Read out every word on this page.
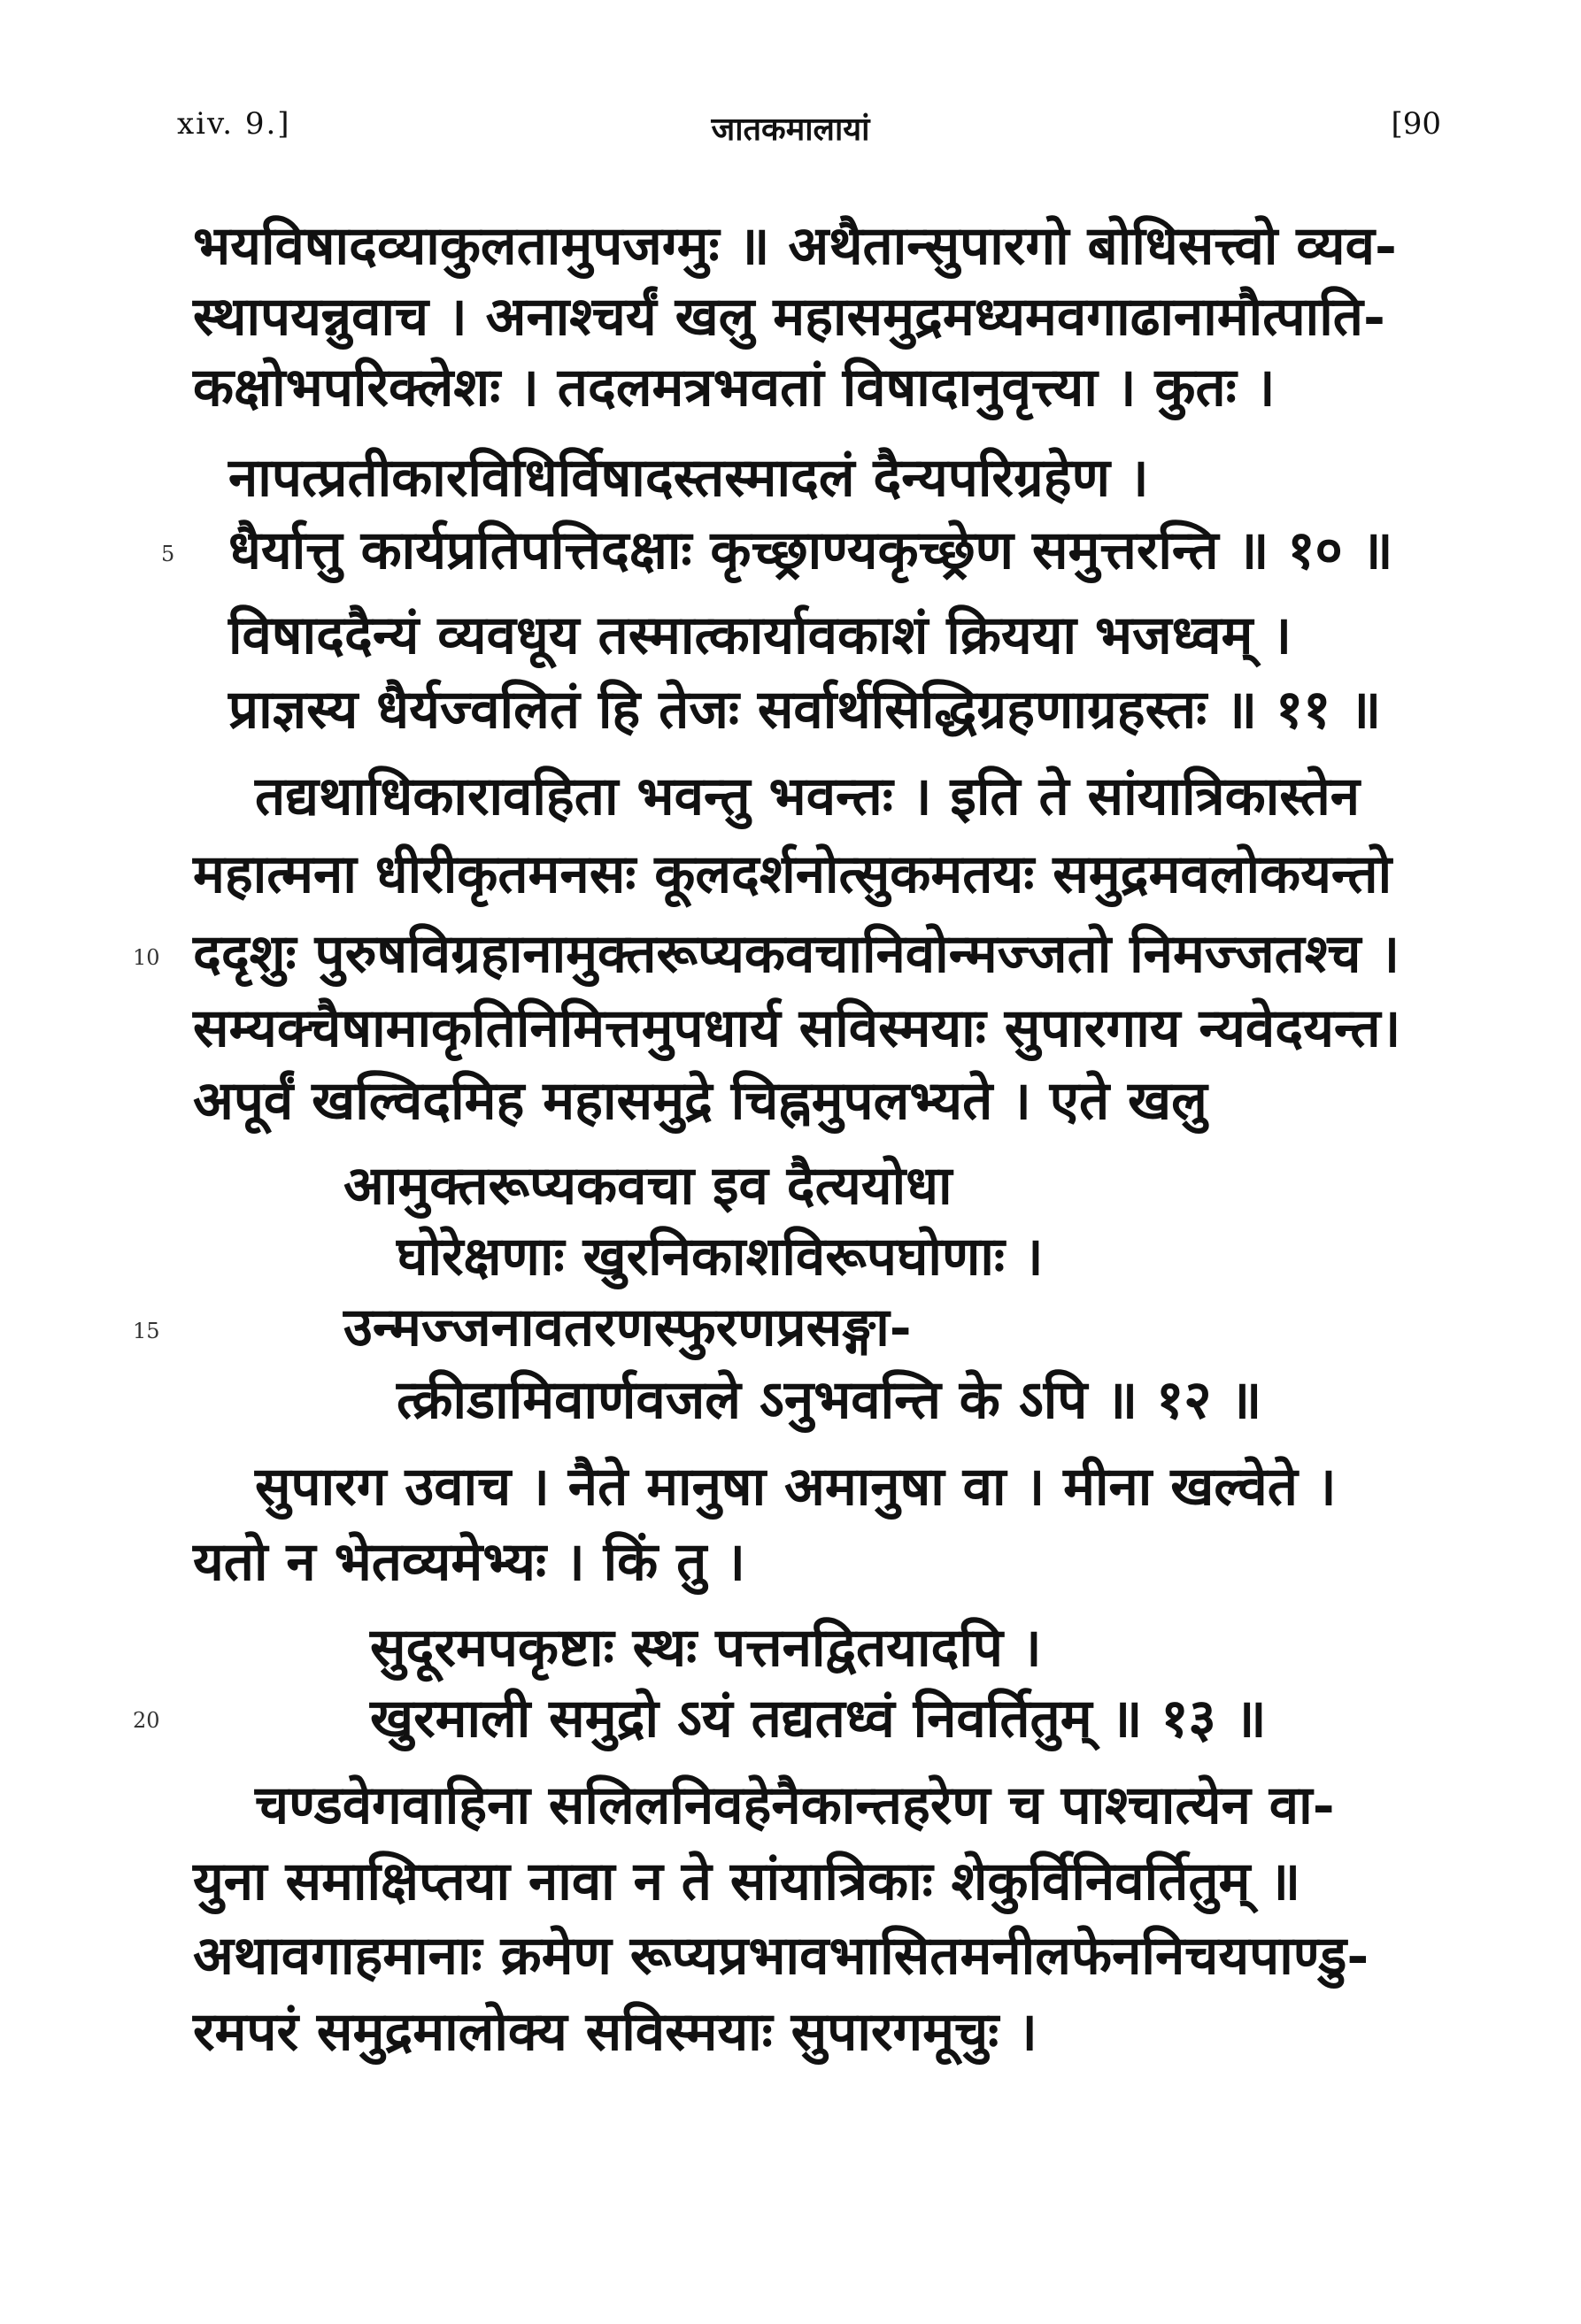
xiv. 9.]	जातकमालायां	[90
भयविषादव्याकुलतामुपजग्मुः ॥ अथैतान्सुपारगो बोधिसत्त्वो व्यव-
स्थापयन्नुवाच । अनाश्चर्यं खलु महासमुद्रमध्यमवगाढानामौत्पाति-
कक्षोभपरिक्लेशः । तदलमत्रभवतां विषादानुवृत्त्या । कुतः ।
नापत्प्रतीकारविधिर्विषादस्तस्मादलं दैन्यपरिग्रहेण ।
धैर्यात्तु कार्यप्रतिपत्तिदक्षाः कृच्छ्राण्यकृच्छ्रेण समुत्तरन्ति ॥ १० ॥
विषाददैन्यं व्यवधूय तस्मात्कार्यावकाशं क्रियया भजध्वम् ।
प्राज्ञस्य धैर्यज्वलितं हि तेजः सर्वार्थसिद्धिग्रहणाग्रहस्तः ॥ ११ ॥
तद्यथाधिकारावहिता भवन्तु भवन्तः । इति ते सांयात्रिकास्तेन
महात्मना धीरीकृतमनसः कूलदर्शनोत्सुकमतयः समुद्रमवलोकयन्तो
ददृशुः पुरुषविग्रहानामुक्तरूप्यकवचानिवोन्मज्जतो निमज्जतश्च ।
सम्यक्चैषामाकृतिनिमित्तमुपधार्य सविस्मयाः सुपारगाय न्यवेदयन्त।
अपूर्वं खल्विदमिह महासमुद्रे चिह्नमुपलभ्यते । एते खलु
आमुक्तरूप्यकवचा इव दैत्ययोधा
घोरेक्षणाः खुरनिकाशविरूपघोणाः ।
उन्मज्जनावतरणस्फुरणप्रसङ्गा-
त्क्रीडामिवार्णवजले ऽनुभवन्ति के ऽपि ॥ १२ ॥
सुपारग उवाच । नैते मानुषा अमानुषा वा । मीना खल्वेते ।
यतो न भेतव्यमेभ्यः । किं तु ।
सुदूरमपकृष्टाः स्थः पत्तनद्वितयादपि ।
खुरमाली समुद्रो ऽयं तद्यतध्वं निवर्तितुम् ॥ १३ ॥
चण्डवेगवाहिना सलिलनिवहेनैकान्तहरेण च पाश्चात्येन वा-
युना समाक्षिप्तया नावा न ते सांयात्रिकाः शेकुर्विनिवर्तितुम् ॥
अथावगाहमानाः क्रमेण रूप्यप्रभावभासितमनीलफेननिचयपाण्डु-
रमपरं समुद्रमालोक्य सविस्मयाः सुपारगमूचुः ।
5
10
15
20
